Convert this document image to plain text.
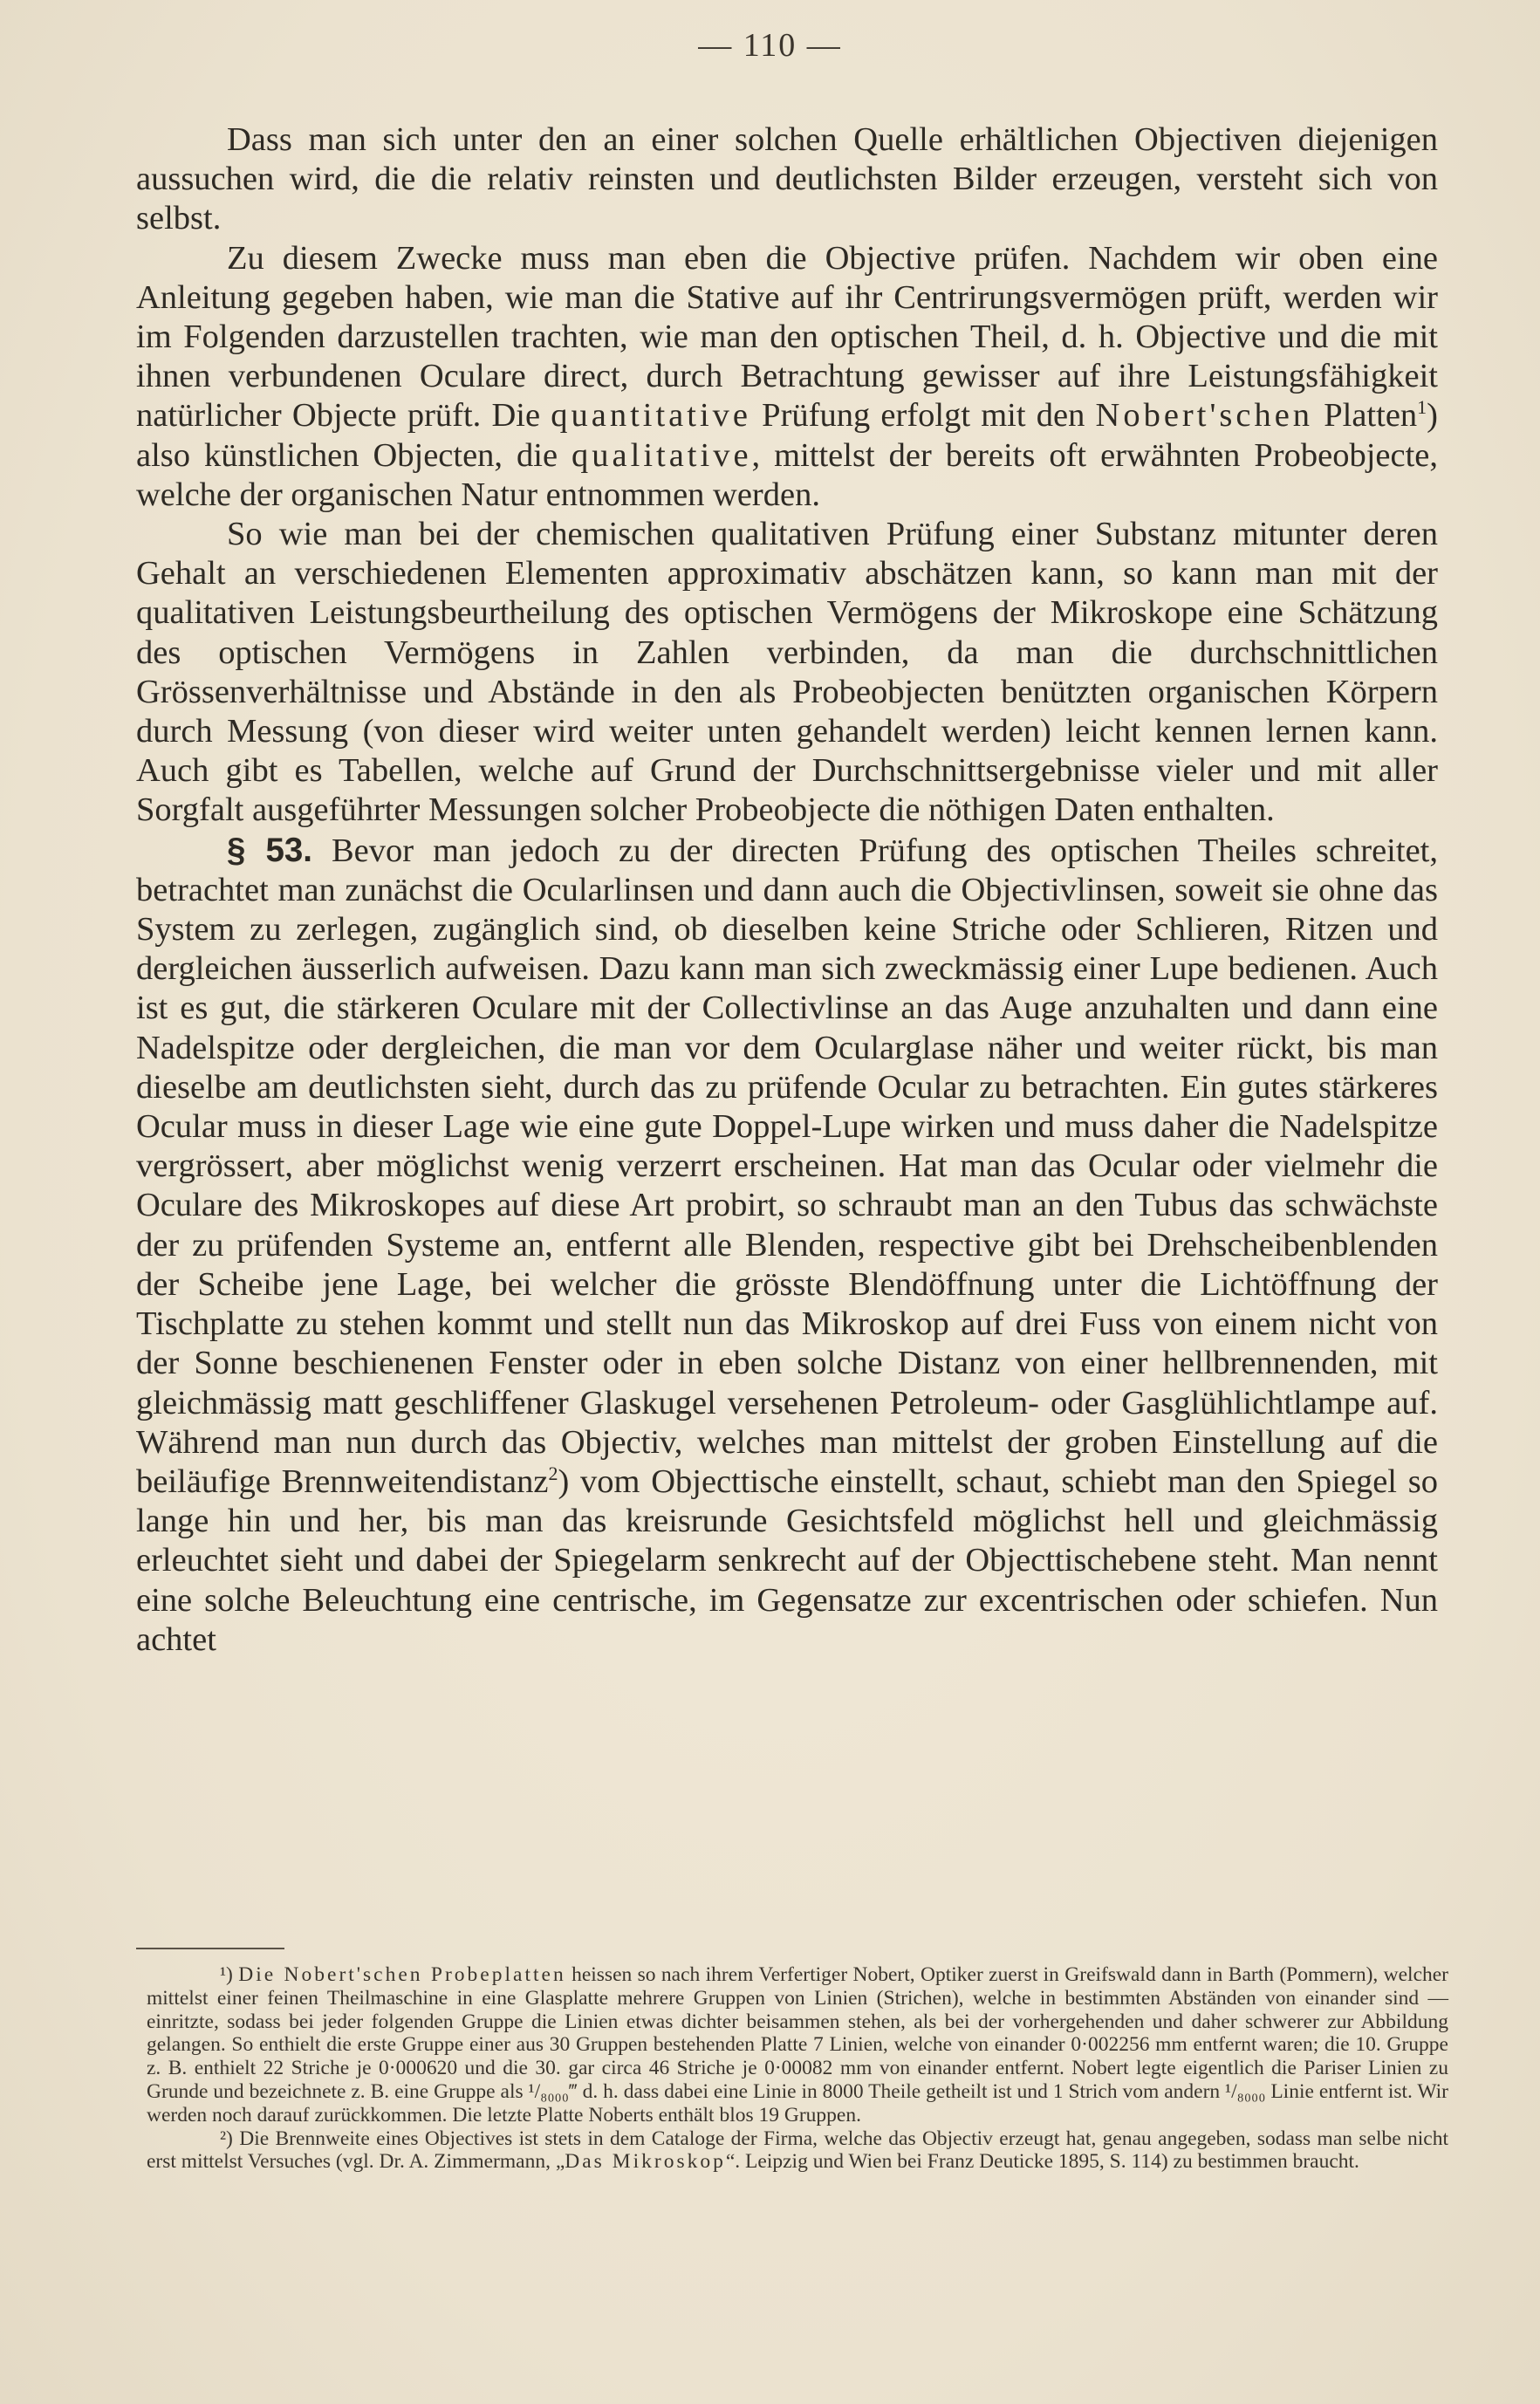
— 110 —

Dass man sich unter den an einer solchen Quelle erhältlichen Objectiven diejenigen aussuchen wird, die die relativ reinsten und deutlichsten Bilder erzeugen, versteht sich von selbst.

Zu diesem Zwecke muss man eben die Objective prüfen. Nachdem wir oben eine Anleitung gegeben haben, wie man die Stative auf ihr Centrirungsvermögen prüft, werden wir im Folgenden darzustellen trachten, wie man den optischen Theil, d. h. Objective und die mit ihnen verbundenen Oculare direct, durch Betrachtung gewisser auf ihre Leistungsfähigkeit natürlicher Objecte prüft. Die quantitative Prüfung erfolgt mit den Nobert'schen Platten$^1$) also künstlichen Objecten, die qualitative, mittelst der bereits oft erwähnten Probeobjecte, welche der organischen Natur entnommen werden.

So wie man bei der chemischen qualitativen Prüfung einer Substanz mitunter deren Gehalt an verschiedenen Elementen approximativ abschätzen kann, so kann man mit der qualitativen Leistungsbeurtheilung des optischen Vermögens der Mikroskope eine Schätzung des optischen Vermögens in Zahlen verbinden, da man die durchschnittlichen Grössenverhältnisse und Abstände in den als Probeobjecten benützten organischen Körpern durch Messung (von dieser wird weiter unten gehandelt werden) leicht kennen lernen kann. Auch gibt es Tabellen, welche auf Grund der Durchschnittsergebnisse vieler und mit aller Sorgfalt ausgeführter Messungen solcher Probeobjecte die nöthigen Daten enthalten.

§ 53. Bevor man jedoch zu der directen Prüfung des optischen Theiles schreitet, betrachtet man zunächst die Ocularlinsen und dann auch die Objectivlinsen, soweit sie ohne das System zu zerlegen, zugänglich sind, ob dieselben keine Striche oder Schlieren, Ritzen und dergleichen äusserlich aufweisen. Dazu kann man sich zweckmässig einer Lupe bedienen. Auch ist es gut, die stärkeren Oculare mit der Collectivlinse an das Auge anzuhalten und dann eine Nadelspitze oder dergleichen, die man vor dem Ocularglase näher und weiter rückt, bis man dieselbe am deutlichsten sieht, durch das zu prüfende Ocular zu betrachten. Ein gutes stärkeres Ocular muss in dieser Lage wie eine gute Doppel-Lupe wirken und muss daher die Nadelspitze vergrössert, aber möglichst wenig verzerrt erscheinen. Hat man das Ocular oder vielmehr die Oculare des Mikroskopes auf diese Art probirt, so schraubt man an den Tubus das schwächste der zu prüfenden Systeme an, entfernt alle Blenden, respective gibt bei Drehscheibenblenden der Scheibe jene Lage, bei welcher die grösste Blendöffnung unter die Lichtöffnung der Tischplatte zu stehen kommt und stellt nun das Mikroskop auf drei Fuss von einem nicht von der Sonne beschienenen Fenster oder in eben solche Distanz von einer hellbrennenden, mit gleichmässig matt geschliffener Glaskugel versehenen Petroleum- oder Gasglühlichtlampe auf. Während man nun durch das Objectiv, welches man mittelst der groben Einstellung auf die beiläufige Brennweitendistanz$^2$) vom Objecttische einstellt, schaut, schiebt man den Spiegel so lange hin und her, bis man das kreisrunde Gesichtsfeld möglichst hell und gleichmässig erleuchtet sieht und dabei der Spiegelarm senkrecht auf der Objecttischebene steht. Man nennt eine solche Beleuchtung eine centrische, im Gegensatze zur excentrischen oder schiefen. Nun achtet

¹) Die Nobert'schen Probeplatten heissen so nach ihrem Verfertiger Nobert, Optiker zuerst in Greifswald dann in Barth (Pommern), welcher mittelst einer feinen Theilmaschine in eine Glasplatte mehrere Gruppen von Linien (Strichen), welche in bestimmten Abständen von einander sind — einritzte, sodass bei jeder folgenden Gruppe die Linien etwas dichter beisammen stehen, als bei der vorhergehenden und daher schwerer zur Abbildung gelangen. So enthielt die erste Gruppe einer aus 30 Gruppen bestehenden Platte 7 Linien, welche von einander 0·002256 mm entfernt waren; die 10. Gruppe z. B. enthielt 22 Striche je 0·000620 und die 30. gar circa 46 Striche je 0·00082 mm von einander entfernt. Nobert legte eigentlich die Pariser Linien zu Grunde und bezeichnete z. B. eine Gruppe als ¹/₈₀₀₀‴ d. h. dass dabei eine Linie in 8000 Theile getheilt ist und 1 Strich vom andern ¹/₈₀₀₀ Linie entfernt ist. Wir werden noch darauf zurückkommen. Die letzte Platte Noberts enthält blos 19 Gruppen.

²) Die Brennweite eines Objectives ist stets in dem Cataloge der Firma, welche das Objectiv erzeugt hat, genau angegeben, sodass man selbe nicht erst mittelst Versuches (vgl. Dr. A. Zimmermann, „Das Mikroskop“. Leipzig und Wien bei Franz Deuticke 1895, S. 114) zu bestimmen braucht.
